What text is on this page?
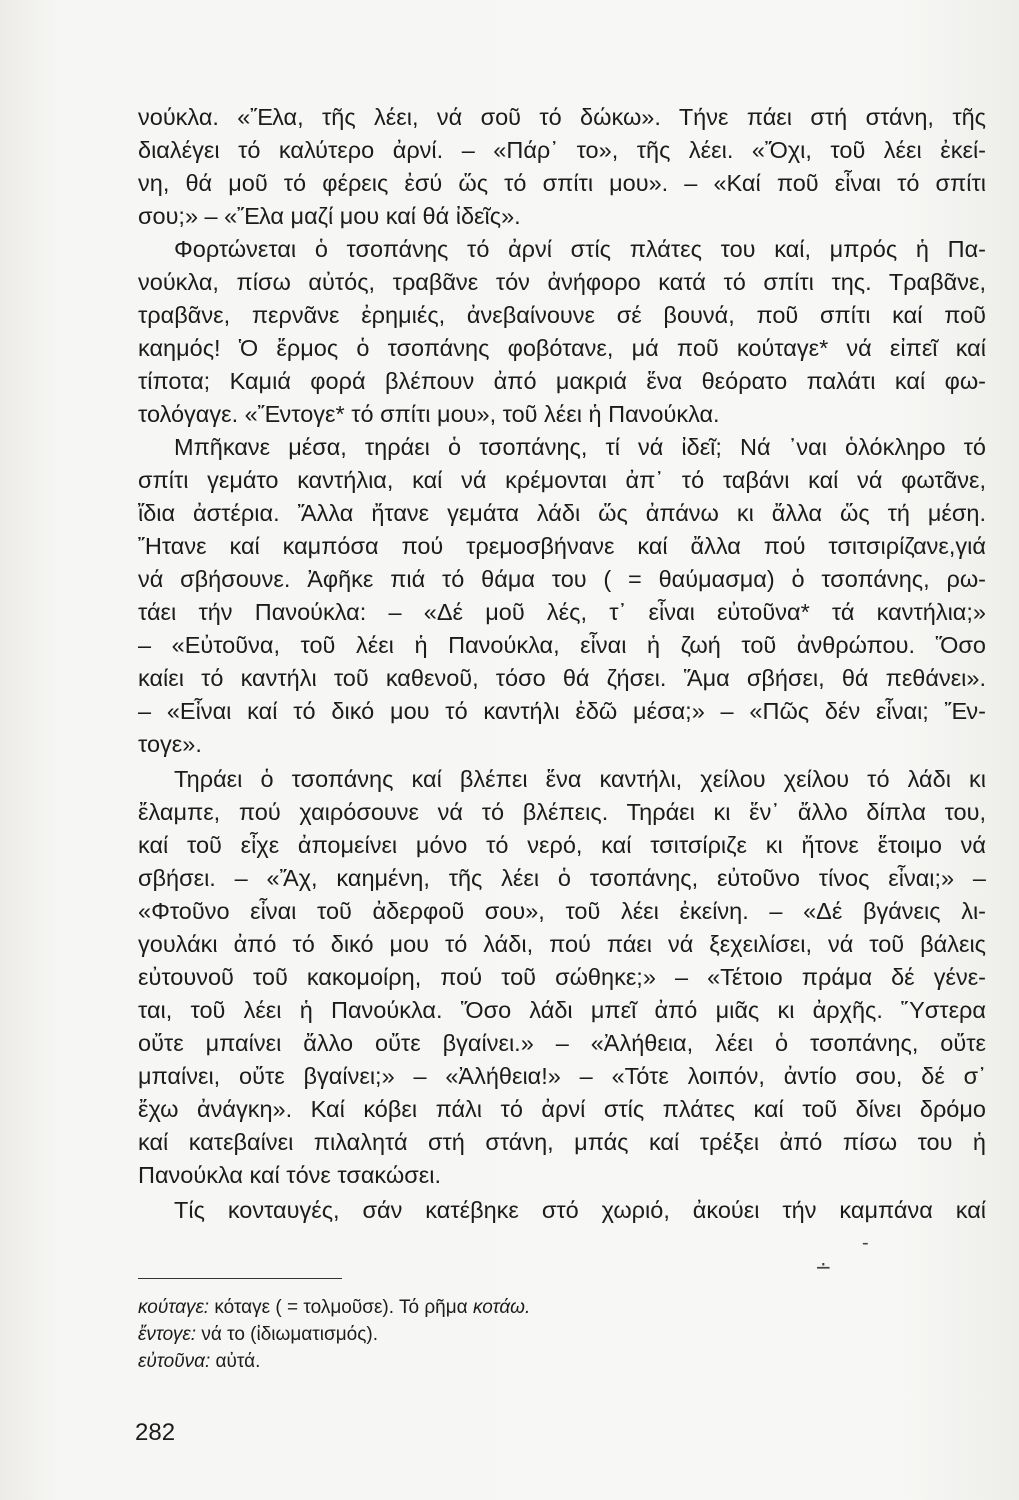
νούκλα. «Ἔλα, τῆς λέει, νά σοῦ τό δώκω». Τήνε πάει στή στάνη, τῆς
διαλέγει τό καλύτερο ἀρνί. – «Πάρ᾽ το», τῆς λέει. «Ὄχι, τοῦ λέει ἐκεί-
νη, θά μοῦ τό φέρεις ἐσύ ὥς τό σπίτι μου». – «Καί ποῦ εἶναι τό σπίτι
σου;» – «Ἔλα μαζί μου καί θά ἰδεῖς».
Φορτώνεται ὁ τσοπάνης τό ἀρνί στίς πλάτες του καί, μπρός ἡ Πα-
νούκλα, πίσω αὐτός, τραβᾶνε τόν ἀνήφορο κατά τό σπίτι της. Τραβᾶνε,
τραβᾶνε, περνᾶνε ἐρημιές, ἀνεβαίνουνε σέ βουνά, ποῦ σπίτι καί ποῦ
καημός! Ὁ ἔρμος ὁ τσοπάνης φοβότανε, μά ποῦ κούταγε* νά εἰπεῖ καί
τίποτα; Καμιά φορά βλέπουν ἀπό μακριά ἕνα θεόρατο παλάτι καί φω-
τολόγαγε. «Ἔντογε* τό σπίτι μου», τοῦ λέει ἡ Πανούκλα.
Μπῆκανε μέσα, τηράει ὁ τσοπάνης, τί νά ἰδεῖ; Νά ᾽ναι ὁλόκληρο τό
σπίτι γεμάτο καντήλια, καί νά κρέμονται ἀπ᾽ τό ταβάνι καί νά φωτᾶνε,
ἴδια ἀστέρια. Ἄλλα ἤτανε γεμάτα λάδι ὥς ἀπάνω κι ἄλλα ὥς τή μέση.
Ἤτανε καί καμπόσα πού τρεμοσβήνανε καί ἄλλα πού τσιτσιρίζανε,γιά
νά σβήσουνε. Ἀφῆκε πιά τό θάμα του ( = θαύμασμα) ὁ τσοπάνης, ρω-
τάει τήν Πανούκλα: – «Δέ μοῦ λές, τ᾽ εἶναι εὐτοῦνα* τά καντήλια;»
– «Εὐτοῦνα, τοῦ λέει ἡ Πανούκλα, εἶναι ἡ ζωή τοῦ ἀνθρώπου. Ὅσο
καίει τό καντήλι τοῦ καθενοῦ, τόσο θά ζήσει. Ἅμα σβήσει, θά πεθάνει».
– «Εἶναι καί τό δικό μου τό καντήλι ἐδῶ μέσα;» – «Πῶς δέν εἶναι; Ἔν-
τογε».
Τηράει ὁ τσοπάνης καί βλέπει ἕνα καντήλι, χείλου χείλου τό λάδι κι
ἔλαμπε, πού χαιρόσουνε νά τό βλέπεις. Τηράει κι ἕν᾽ ἄλλο δίπλα του,
καί τοῦ εἶχε ἀπομείνει μόνο τό νερό, καί τσιτσίριζε κι ἤτονε ἕτοιμο νά
σβήσει. – «Ἄχ, καημένη, τῆς λέει ὁ τσοπάνης, εὐτοῦνο τίνος εἶναι;» –
«Φτοῦνο εἶναι τοῦ ἀδερφοῦ σου», τοῦ λέει ἐκείνη. – «Δέ βγάνεις λι-
γουλάκι ἀπό τό δικό μου τό λάδι, πού πάει νά ξεχειλίσει, νά τοῦ βάλεις
εὐτουνοῦ τοῦ κακομοίρη, πού τοῦ σώθηκε;» – «Τέτοιο πράμα δέ γένε-
ται, τοῦ λέει ἡ Πανούκλα. Ὅσο λάδι μπεῖ ἀπό μιᾶς κι ἀρχῆς. Ὕστερα
οὔτε μπαίνει ἄλλο οὔτε βγαίνει.» – «Ἀλήθεια, λέει ὁ τσοπάνης, οὔτε
μπαίνει, οὔτε βγαίνει;» – «Ἀλήθεια!» – «Τότε λοιπόν, ἀντίο σου, δέ σ᾽
ἔχω ἀνάγκη». Καί κόβει πάλι τό ἀρνί στίς πλάτες καί τοῦ δίνει δρόμο
καί κατεβαίνει πιλαλητά στή στάνη, μπάς καί τρέξει ἀπό πίσω του ἡ
Πανούκλα καί τόνε τσακώσει.
Τίς κονταυγές, σάν κατέβηκε στό χωριό, ἀκούει τήν καμπάνα καί
-
∸
κούταγε: κόταγε ( = τολμοῦσε). Τό ρῆμα κοτάω.
ἔντογε: νά το (ἰδιωματισμός).
εὐτοῦνα: αὐτά.
282
